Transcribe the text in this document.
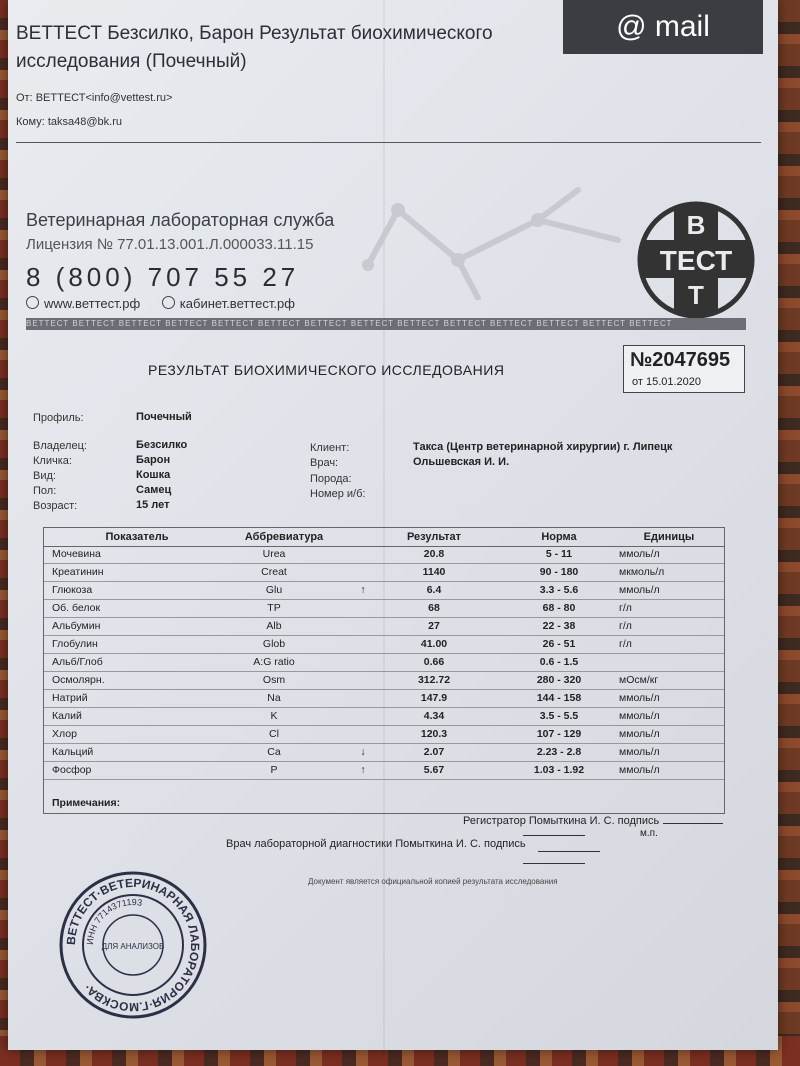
ВЕТТЕСТ Безсилко, Барон Результат биохимического исследования (Почечный)
От: ВЕТТЕСТ<info@vettest.ru>
Кому: taksa48@bk.ru
@ mail
Ветеринарная лабораторная служба
Лицензия № 77.01.13.001.Л.000033.11.15
8 (800) 707 55 27
www.веттест.рф	кабинет.веттест.рф
В
ТЕСТ
Т
ВЕТТЕСТ ВЕТТЕСТ ВЕТТЕСТ ВЕТТЕСТ ВЕТТЕСТ ВЕТТЕСТ ВЕТТЕСТ ВЕТТЕСТ ВЕТТЕСТ ВЕТТЕСТ ВЕТТЕСТ ВЕТТЕСТ ВЕТТЕСТ ВЕТТЕСТ
РЕЗУЛЬТАТ БИОХИМИЧЕСКОГО ИССЛЕДОВАНИЯ	№2047695
от 15.01.2020
Профиль:	Почечный
Владелец:	Безсилко
Кличка:	Барон
Вид:	Кошка
Пол:	Самец
Возраст:	15 лет
Клиент:	Такса (Центр ветеринарной хирургии) г. Липецк
Врач:	Ольшевская И. И.
Порода:
Номер и/б:
Показатель	Аббревиатура	Результат	Норма	Единицы
Мочевина	Urea	20.8	5 - 11	ммоль/л
Креатинин	Creat	1140	90 - 180	мкмоль/л
Глюкоза	Glu	↑	6.4	3.3 - 5.6	ммоль/л
Об. белок	TP	68	68 - 80	г/л
Альбумин	Alb	27	22 - 38	г/л
Глобулин	Glob	41.00	26 - 51	г/л
Альб/Глоб	A:G ratio	0.66	0.6 - 1.5
Осмолярн.	Osm	312.72	280 - 320	мОсм/кг
Натрий	Na	147.9	144 - 158	ммоль/л
Калий	K	4.34	3.5 - 5.5	ммоль/л
Хлор	Cl	120.3	107 - 129	ммоль/л
Кальций	Ca	↓	2.07	2.23 - 2.8	ммоль/л
Фосфор	P	↑	5.67	1.03 - 1.92	ммоль/л
Примечания:
Регистратор Помыткина И. С. подпись
м.п.
Врач лабораторной диагностики Помыткина И. С. подпись
Документ является официальной копией результата исследования
ВЕТТЕСТ·ВЕТЕРИНАРНАЯ ЛАБОРАТОРИЯ·Г.МОСКВА·
ИНН 7714371193
ДЛЯ АНАЛИЗОВ
